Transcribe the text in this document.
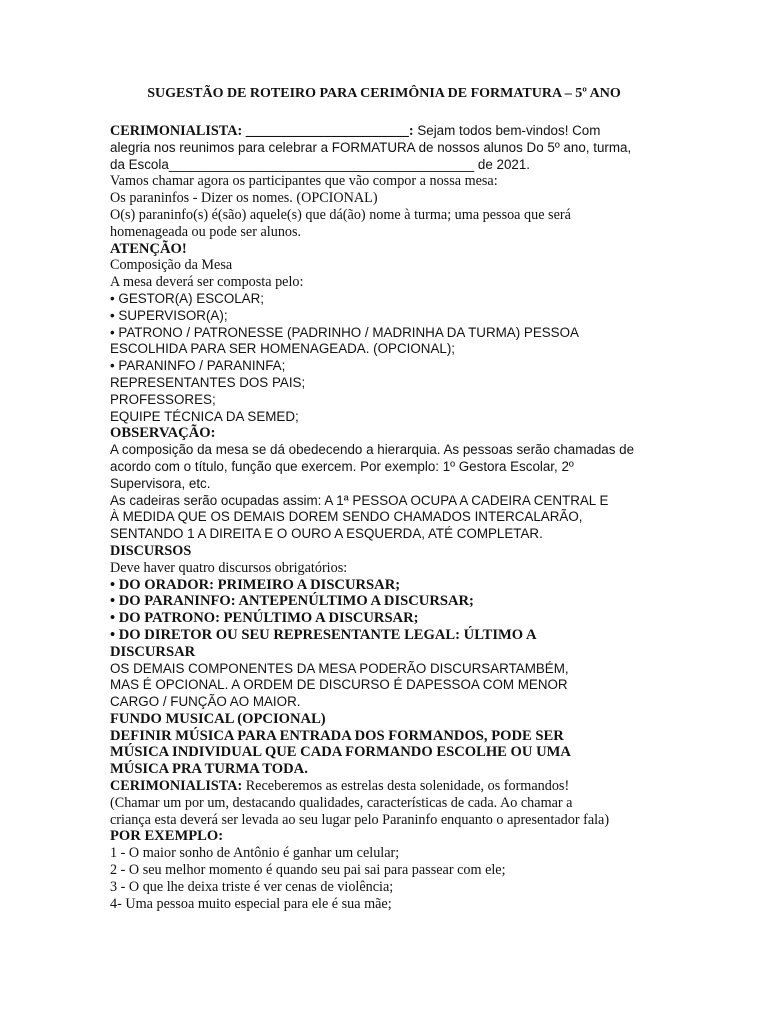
SUGESTÃO DE ROTEIRO PARA CERIMÔNIA DE FORMATURA – 5º ANO

CERIMONIALISTA: _______________________: Sejam todos bem-vindos! Com

alegria nos reunimos para celebrar a FORMATURA de nossos alunos Do 5º ano, turma,

da Escola_________________________________________ de 2021.

Vamos chamar agora os participantes que vão compor a nossa mesa:

Os paraninfos - Dizer os nomes. (OPCIONAL)

O(s) paraninfo(s) é(são) aquele(s) que dá(ão) nome à turma; uma pessoa que será

homenageada ou pode ser alunos.

ATENÇÃO!

Composição da Mesa

A mesa deverá ser composta pelo:

• GESTOR(A) ESCOLAR;

• SUPERVISOR(A);

• PATRONO / PATRONESSE (PADRINHO / MADRINHA DA TURMA) PESSOA

ESCOLHIDA PARA SER HOMENAGEADA. (OPCIONAL);

• PARANINFO / PARANINFA;

REPRESENTANTES DOS PAIS;

PROFESSORES;

EQUIPE TÉCNICA DA SEMED;

OBSERVAÇÃO:

A composição da mesa se dá obedecendo a hierarquia. As pessoas serão chamadas de

acordo com o título, função que exercem. Por exemplo: 1º Gestora Escolar, 2º

Supervisora, etc.

As cadeiras serão ocupadas assim: A 1ª PESSOA OCUPA A CADEIRA CENTRAL E

À MEDIDA QUE OS DEMAIS DOREM SENDO CHAMADOS INTERCALARÃO,

SENTANDO 1 A DIREITA E O OURO A ESQUERDA, ATÉ COMPLETAR.

DISCURSOS

Deve haver quatro discursos obrigatórios:

• DO ORADOR: PRIMEIRO A DISCURSAR;

• DO PARANINFO: ANTEPENÚLTIMO A DISCURSAR;

• DO PATRONO: PENÚLTIMO A DISCURSAR;

• DO DIRETOR OU SEU REPRESENTANTE LEGAL: ÚLTIMO A

DISCURSAR

OS DEMAIS COMPONENTES DA MESA PODERÃO DISCURSARTAMBÉM,

MAS É OPCIONAL. A ORDEM DE DISCURSO É DAPESSOA COM MENOR

CARGO / FUNÇÃO AO MAIOR.

FUNDO MUSICAL (OPCIONAL)

DEFINIR MÚSICA PARA ENTRADA DOS FORMANDOS, PODE SER

MÚSICA INDIVIDUAL QUE CADA FORMANDO ESCOLHE OU UMA

MÚSICA PRA TURMA TODA.

CERIMONIALISTA: Receberemos as estrelas desta solenidade, os formandos!

(Chamar um por um, destacando qualidades, características de cada. Ao chamar a

criança esta deverá ser levada ao seu lugar pelo Paraninfo enquanto o apresentador fala)

POR EXEMPLO:

1 - O maior sonho de Antônio é ganhar um celular;

2 - O seu melhor momento é quando seu pai sai para passear com ele;

3 - O que lhe deixa triste é ver cenas de violência;

4- Uma pessoa muito especial para ele é sua mãe;
